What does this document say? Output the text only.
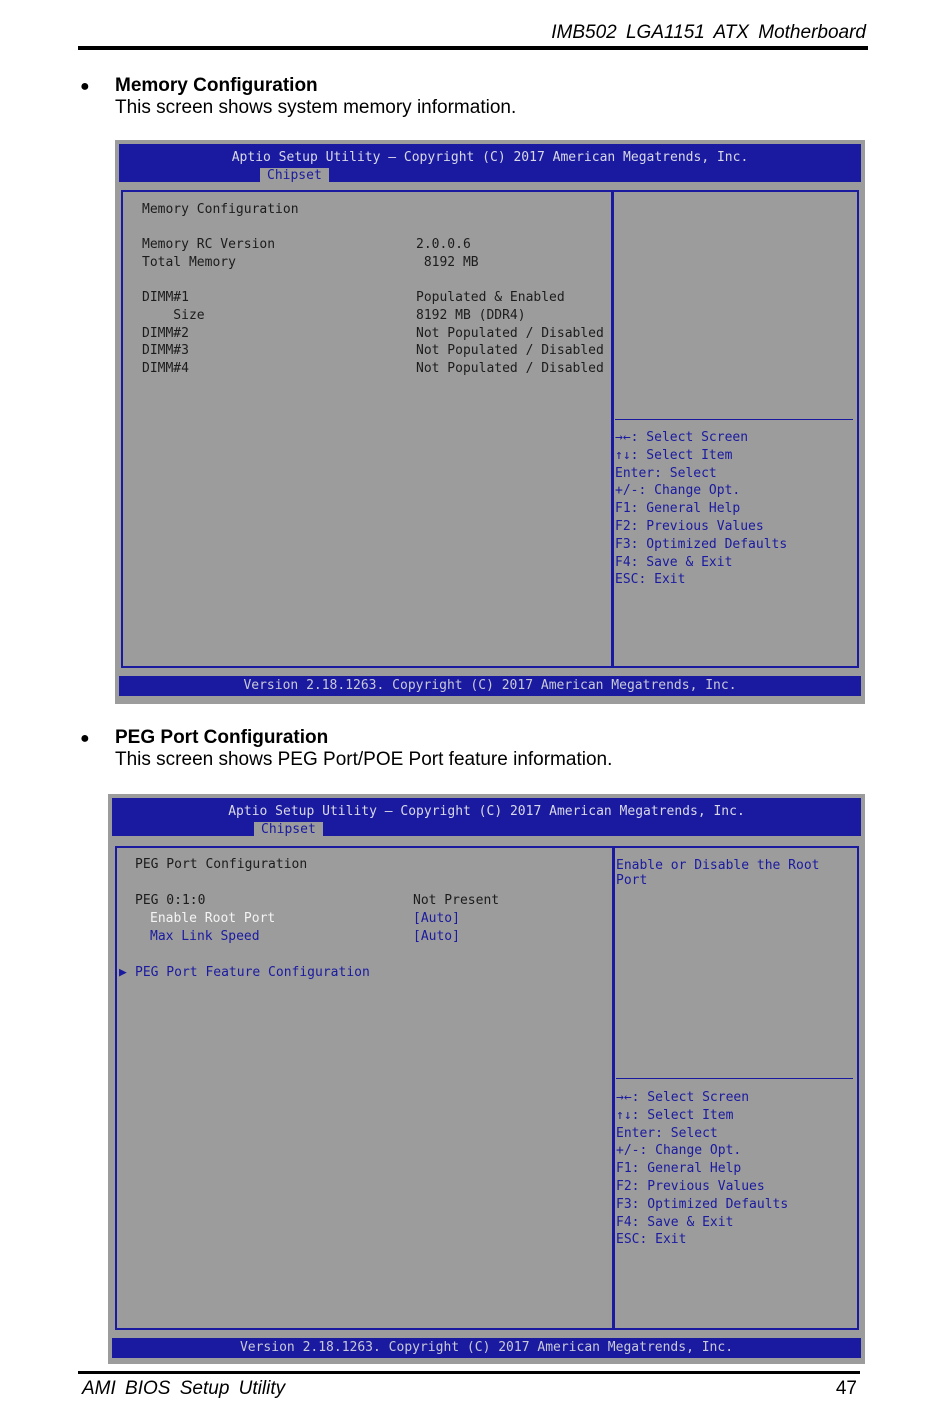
IMB502 LGA1151 ATX Motherboard
● Memory Configuration
This screen shows system memory information.
Aptio Setup Utility – Copyright (C) 2017 American Megatrends, Inc.
Chipset
→←: Select Screen
↑↓: Select Item
Enter: Select
+/-: Change Opt.
F1: General Help
F2: Previous Values
F3: Optimized Defaults
F4: Save & Exit
ESC: Exit
Memory Configuration
Memory RC Version	2.0.0.6
Total Memory	8192 MB
DIMM#1	Populated & Enabled
Size	8192 MB (DDR4)
DIMM#2	Not Populated / Disabled
DIMM#3	Not Populated / Disabled
DIMM#4	Not Populated / Disabled
Version 2.18.1263. Copyright (C) 2017 American Megatrends, Inc.
● PEG Port Configuration
This screen shows PEG Port/POE Port feature information.
Aptio Setup Utility – Copyright (C) 2017 American Megatrends, Inc.
Chipset
Enable or Disable the Root Port
→←: Select Screen
↑↓: Select Item
Enter: Select
+/-: Change Opt.
F1: General Help
F2: Previous Values
F3: Optimized Defaults
F4: Save & Exit
ESC: Exit
PEG Port Configuration
PEG 0:1:0	Not Present
Enable Root Port	[Auto]
Max Link Speed	[Auto]
▶ PEG Port Feature Configuration
Version 2.18.1263. Copyright (C) 2017 American Megatrends, Inc.
AMI BIOS Setup Utility	47
